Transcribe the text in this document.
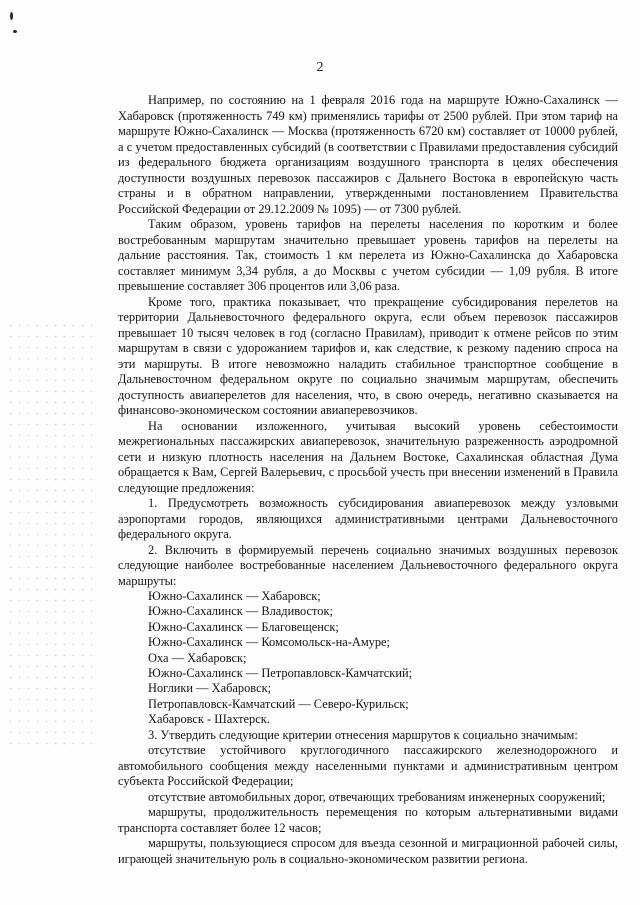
2

Например, по состоянию на 1 февраля 2016 года на маршруте Южно-Сахалинск — Хабаровск (протяженность 749 км) применялись тарифы от 2500 рублей. При этом тариф на маршруте Южно-Сахалинск — Москва (протяженность 6720 км) составляет от 10000 рублей, а с учетом предоставленных субсидий (в соответствии с Правилами предоставления субсидий из федерального бюджета организациям воздушного транспорта в целях обеспечения доступности воздушных перевозок пассажиров с Дальнего Востока в европейскую часть страны и в обратном направлении, утвержденными постановлением Правительства Российской Федерации от 29.12.2009 № 1095) — от 7300 рублей.

Таким образом, уровень тарифов на перелеты населения по коротким и более востребованным маршрутам значительно превышает уровень тарифов на перелеты на дальние расстояния. Так, стоимость 1 км перелета из Южно-Сахалинска до Хабаровска составляет минимум 3,34 рубля, а до Москвы с учетом субсидии — 1,09 рубля. В итоге превышение составляет 306 процентов или 3,06 раза.

Кроме того, практика показывает, что прекращение субсидирования перелетов на территории Дальневосточного федерального округа, если объем перевозок пассажиров превышает 10 тысяч человек в год (согласно Правилам), приводит к отмене рейсов по этим маршрутам в связи с удорожанием тарифов и, как следствие, к резкому падению спроса на эти маршруты. В итоге невозможно наладить стабильное транспортное сообщение в Дальневосточном федеральном округе по социально значимым маршрутам, обеспечить доступность авиаперелетов для населения, что, в свою очередь, негативно сказывается на финансово-экономическом состоянии авиаперевозчиков.

На основании изложенного, учитывая высокий уровень себестоимости межрегиональных пассажирских авиаперевозок, значительную разреженность аэродромной сети и низкую плотность населения на Дальнем Востоке, Сахалинская областная Дума обращается к Вам, Сергей Валерьевич, с просьбой учесть при внесении изменений в Правила следующие предложения:

1. Предусмотреть возможность субсидирования авиаперевозок между узловыми аэропортами городов, являющихся административными центрами Дальневосточного федерального округа.

2. Включить в формируемый перечень социально значимых воздушных перевозок следующие наиболее востребованные населением Дальневосточного федерального округа маршруты:

Южно-Сахалинск — Хабаровск;
Южно-Сахалинск — Владивосток;
Южно-Сахалинск — Благовещенск;
Южно-Сахалинск — Комсомольск-на-Амуре;
Оха — Хабаровск;
Южно-Сахалинск — Петропавловск-Камчатский;
Ноглики — Хабаровск;
Петропавловск-Камчатский — Северо-Курильск;
Хабаровск - Шахтерск.

3. Утвердить следующие критерии отнесения маршрутов к социально значимым:

отсутствие устойчивого круглогодичного пассажирского железнодорожного и автомобильного сообщения между населенными пунктами и административным центром субъекта Российской Федерации;

отсутствие автомобильных дорог, отвечающих требованиям инженерных сооружений;

маршруты, продолжительность перемещения по которым альтернативными видами транспорта составляет более 12 часов;

маршруты, пользующиеся спросом для въезда сезонной и миграционной рабочей силы, играющей значительную роль в социально-экономическом развитии региона.
